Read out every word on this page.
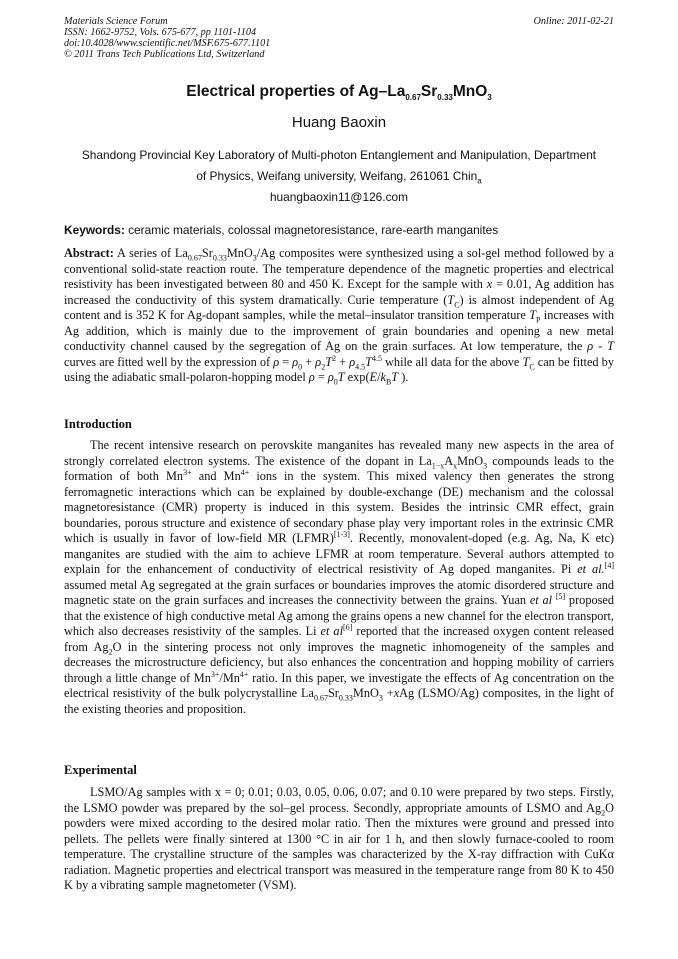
Materials Science Forum
ISSN: 1662-9752, Vols. 675-677, pp 1101-1104
doi:10.4028/www.scientific.net/MSF.675-677.1101
© 2011 Trans Tech Publications Ltd, Switzerland
Online: 2011-02-21
Electrical properties of $Ag-La_{0.67}Sr_{0.33}MnO_3$
Huang Baoxin
Shandong Provincial Key Laboratory of Multi-photon Entanglement and Manipulation, Department
of Physics, Weifang university, Weifang, 261061 Chin$_a$
huangbaoxin11@126.com
Keywords: ceramic materials, colossal magnetoresistance, rare-earth manganites
Abstract: A series of $La_{0.67}Sr_{0.33}MnO_3/Ag$ composites were synthesized using a sol-gel method followed by a conventional solid-state reaction route. The temperature dependence of the magnetic properties and electrical resistivity has been investigated between 80 and 450 K. Except for the sample with x = 0.01, Ag addition has increased the conductivity of this system dramatically. Curie temperature $(T_C)$ is almost independent of Ag content and is 352 K for Ag-dopant samples, while the metal–insulator transition temperature $T_P$ increases with Ag addition, which is mainly due to the improvement of grain boundaries and opening a new metal conductivity channel caused by the segregation of Ag on the grain surfaces. At low temperature, the ρ - T curves are fitted well by the expression of $\rho = \rho_0 + \rho_2T^2 + \rho_{4.5}T^{4.5}$ while all data for the above $T_C$ can be fitted by using the adiabatic small-polaron-hopping model $\rho = \rho_0T$ $\exp(E/k_BT$ ).
Introduction
The recent intensive research on perovskite manganites has revealed many new aspects in the area of strongly correlated electron systems. The existence of the dopant in $La_{1-x}A_xMnO_3$ compounds leads to the formation of both $Mn^{3+}$ and $Mn^{4+}$ ions in the system. This mixed valency then generates the strong ferromagnetic interactions which can be explained by double-exchange (DE) mechanism and the colossal magnetoresistance (CMR) property is induced in this system. Besides the intrinsic CMR effect, grain boundaries, porous structure and existence of secondary phase play very important roles in the extrinsic CMR which is usually in favor of low-field MR (LFMR)[1-3]. Recently, monovalent-doped (e.g. Ag, Na, K etc) manganites are studied with the aim to achieve LFMR at room temperature. Several authors attempted to explain for the enhancement of conductivity of electrical resistivity of Ag doped manganites. Pi et al.[4] assumed metal Ag segregated at the grain surfaces or boundaries improves the atomic disordered structure and magnetic state on the grain surfaces and increases the connectivity between the grains. Yuan et al [5] proposed that the existence of high conductive metal Ag among the grains opens a new channel for the electron transport, which also decreases resistivity of the samples. Li et al[6] reported that the increased oxygen content released from $Ag_2O$ in the sintering process not only improves the magnetic inhomogeneity of the samples and decreases the microstructure deficiency, but also enhances the concentration and hopping mobility of carriers through a little change of $Mn^{3+}/Mn^{4+}$ ratio. In this paper, we investigate the effects of Ag concentration on the electrical resistivity of the bulk polycrystalline $La_{0.67}Sr_{0.33}MnO_3 +xAg$ (LSMO/Ag) composites, in the light of the existing theories and proposition.
Experimental
LSMO/Ag samples with x = 0; 0.01; 0.03, 0.05, 0.06, 0.07; and 0.10 were prepared by two steps. Firstly, the LSMO powder was prepared by the sol–gel process. Secondly, appropriate amounts of LSMO and $Ag_2O$ powders were mixed according to the desired molar ratio. Then the mixtures were ground and pressed into pellets. The pellets were finally sintered at 1300 °C in air for 1 h, and then slowly furnace-cooled to room temperature. The crystalline structure of the samples was characterized by the X-ray diffraction with CuKα radiation. Magnetic properties and electrical transport was measured in the temperature range from 80 K to 450 K by a vibrating sample magnetometer (VSM).
